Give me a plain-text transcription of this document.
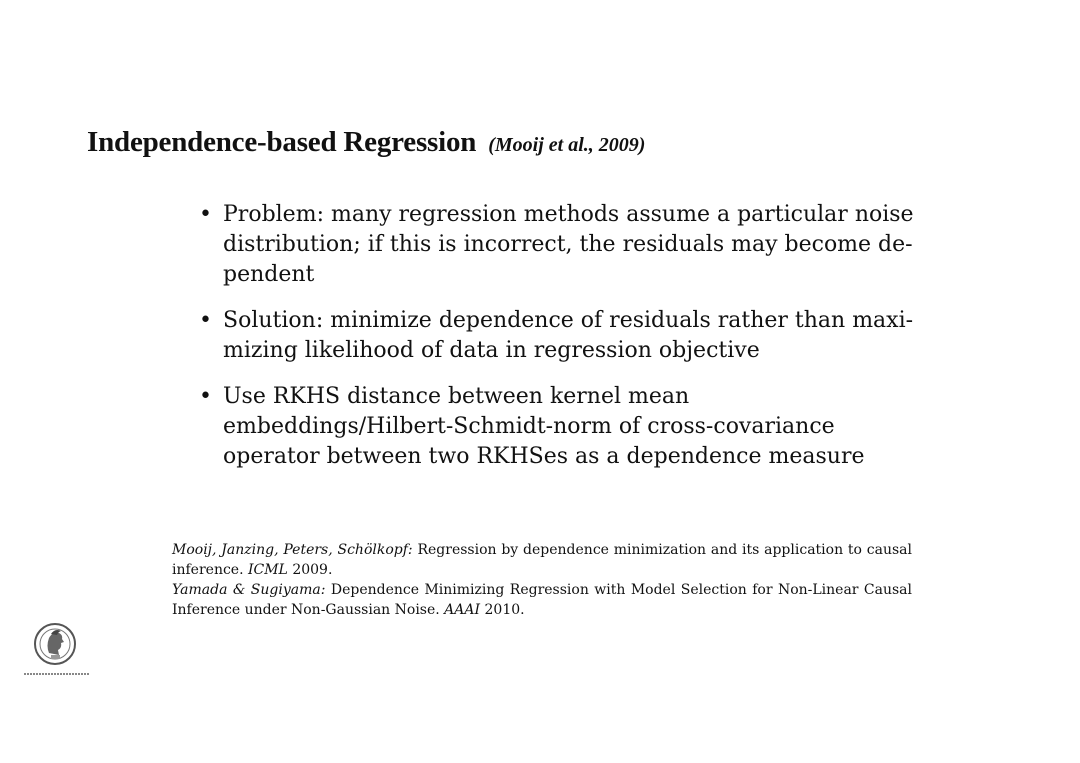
Independence-based Regression (Mooij et al., 2009)
• Problem: many regression methods assume a particular noise distribution; if this is incorrect, the residuals may become de-pendent
• Solution: minimize dependence of residuals rather than maxi-mizing likelihood of data in regression objective
• Use RKHS distance between kernel mean embeddings/Hilbert-Schmidt-norm of cross-covariance operator between two RKHSes as a dependence measure

Mooij, Janzing, Peters, Schölkopf: Regression by dependence minimization and its application to causal inference. ICML 2009.

Yamada & Sugiyama: Dependence Minimizing Regression with Model Selection for Non-Linear Causal Inference under Non-Gaussian Noise. AAAI 2010.
